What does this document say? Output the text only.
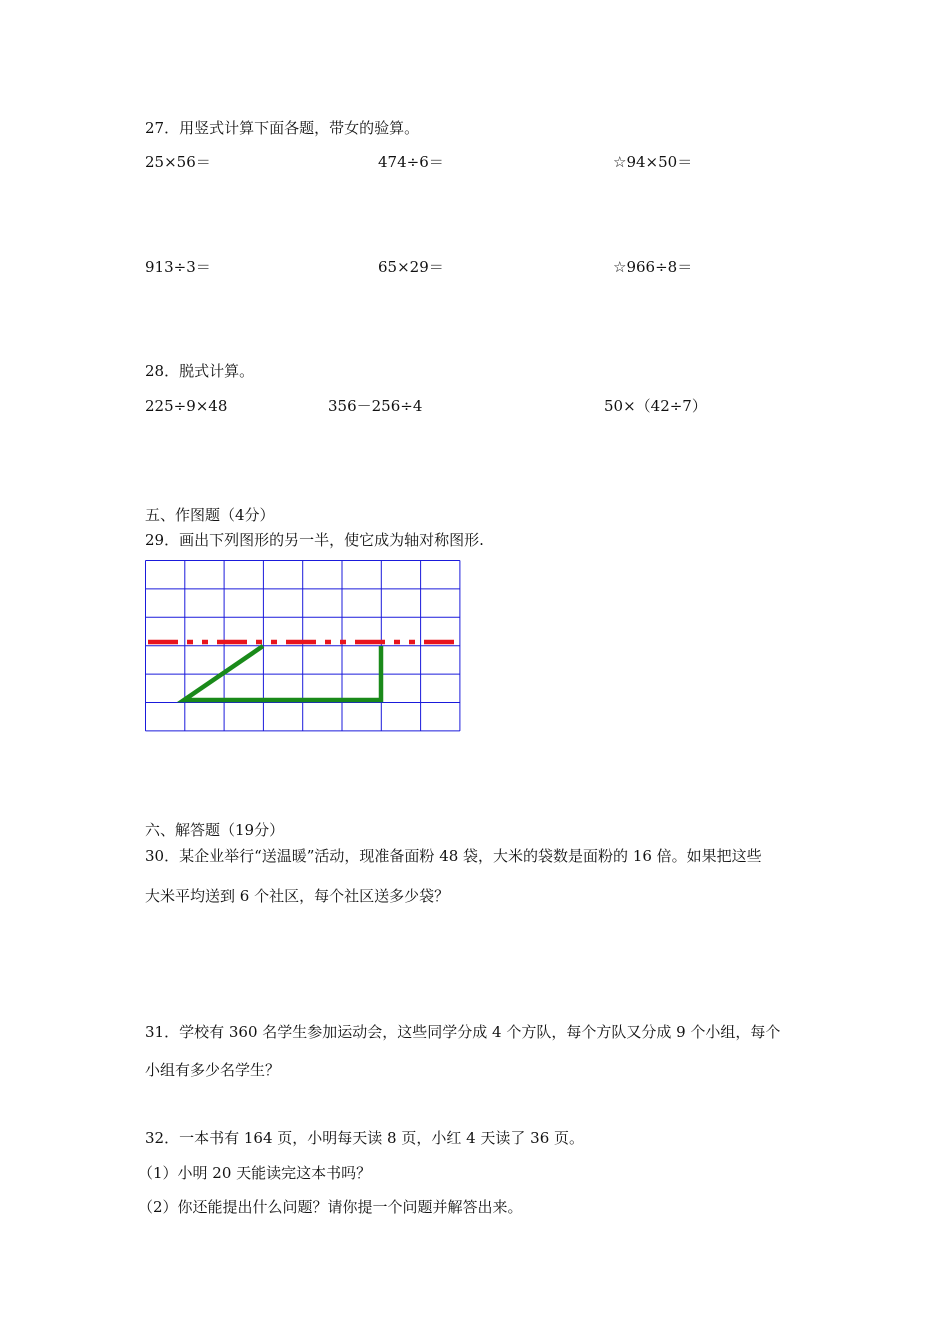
27．用竖式计算下面各题，带女的验算。
25×56＝	474÷6＝	☆94×50＝
913÷3＝	65×29＝	☆966÷8＝
28．脱式计算。
225÷9×48	356－256÷4	50×（42÷7）
五、作图题（4分）
29．画出下列图形的另一半，使它成为轴对称图形.
六、解答题（19分）
30．某企业举行“送温暖”活动，现准备面粉 48 袋，大米的袋数是面粉的 16 倍。如果把这些
大米平均送到 6 个社区，每个社区送多少袋？
31．学校有 360 名学生参加运动会，这些同学分成 4 个方队，每个方队又分成 9 个小组，每个
小组有多少名学生？
32．一本书有 164 页，小明每天读 8 页，小红 4 天读了 36 页。
（1）小明 20 天能读完这本书吗？
（2）你还能提出什么问题？请你提一个问题并解答出来。
